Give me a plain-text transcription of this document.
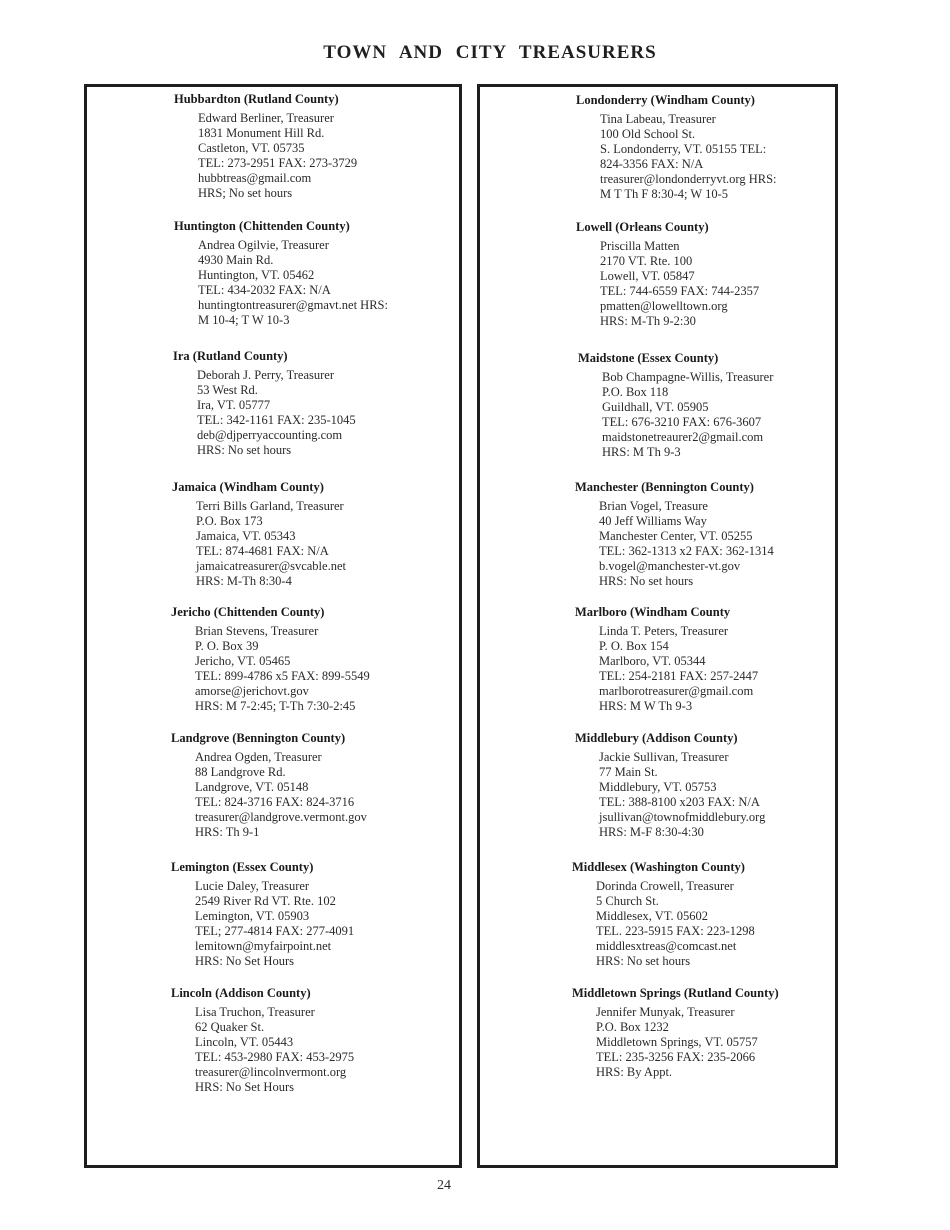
TOWN AND CITY TREASURERS
Hubbardton (Rutland County)
Edward Berliner, Treasurer
1831 Monument Hill Rd.
Castleton, VT. 05735
TEL: 273-2951 FAX: 273-3729
hubbtreas@gmail.com
HRS; No set hours
Huntington (Chittenden County)
Andrea Ogilvie, Treasurer
4930 Main Rd.
Huntington, VT. 05462
TEL: 434-2032 FAX: N/A
huntingtontreasurer@gmavt.net HRS:
M 10-4; T W 10-3
Ira (Rutland County)
Deborah J. Perry, Treasurer
53 West Rd.
Ira, VT. 05777
TEL: 342-1161 FAX: 235-1045
deb@djperryaccounting.com
HRS: No set hours
Jamaica (Windham County)
Terri Bills Garland, Treasurer
P.O. Box 173
Jamaica, VT. 05343
TEL: 874-4681 FAX: N/A
jamaicatreasurer@svcable.net
HRS: M-Th 8:30-4
Jericho (Chittenden County)
Brian Stevens, Treasurer
P. O. Box 39
Jericho, VT. 05465
TEL: 899-4786 x5 FAX: 899-5549
amorse@jerichovt.gov
HRS: M 7-2:45; T-Th 7:30-2:45
Landgrove (Bennington County)
Andrea Ogden, Treasurer
88 Landgrove Rd.
Landgrove, VT. 05148
TEL: 824-3716 FAX: 824-3716
treasurer@landgrove.vermont.gov
HRS: Th 9-1
Lemington (Essex County)
Lucie Daley, Treasurer
2549 River Rd VT. Rte. 102
Lemington, VT. 05903
TEL; 277-4814 FAX: 277-4091
lemitown@myfairpoint.net
HRS: No Set Hours
Lincoln (Addison County)
Lisa Truchon, Treasurer
62 Quaker St.
Lincoln, VT. 05443
TEL: 453-2980 FAX: 453-2975
treasurer@lincolnvermont.org
HRS: No Set Hours
Londonderry (Windham County)
Tina Labeau, Treasurer
100 Old School St.
S. Londonderry, VT. 05155 TEL:
824-3356 FAX: N/A
treasurer@londonderryvt.org HRS:
M T Th F 8:30-4; W 10-5
Lowell (Orleans County)
Priscilla Matten
2170 VT. Rte. 100
Lowell, VT. 05847
TEL: 744-6559 FAX: 744-2357
pmatten@lowelltown.org
HRS: M-Th 9-2:30
Maidstone (Essex County)
Bob Champagne-Willis, Treasurer
P.O. Box 118
Guildhall, VT. 05905
TEL: 676-3210 FAX: 676-3607
maidstonetreaurer2@gmail.com
HRS: M Th 9-3
Manchester (Bennington County)
Brian Vogel, Treasure
40 Jeff Williams Way
Manchester Center, VT. 05255
TEL: 362-1313 x2 FAX: 362-1314
b.vogel@manchester-vt.gov
HRS: No set hours
Marlboro (Windham County
Linda T. Peters, Treasurer
P. O. Box 154
Marlboro, VT. 05344
TEL: 254-2181 FAX: 257-2447
marlborotreasurer@gmail.com
HRS: M W Th 9-3
Middlebury (Addison County)
Jackie Sullivan, Treasurer
77 Main St.
Middlebury, VT. 05753
TEL: 388-8100 x203 FAX: N/A
jsullivan@townofmiddlebury.org
HRS: M-F 8:30-4:30
Middlesex (Washington County)
Dorinda Crowell, Treasurer
5 Church St.
Middlesex, VT. 05602
TEL. 223-5915 FAX: 223-1298
middlesxtreas@comcast.net
HRS: No set hours
Middletown Springs (Rutland County)
Jennifer Munyak, Treasurer
P.O. Box 1232
Middletown Springs, VT. 05757
TEL: 235-3256 FAX: 235-2066
HRS: By Appt.
24
